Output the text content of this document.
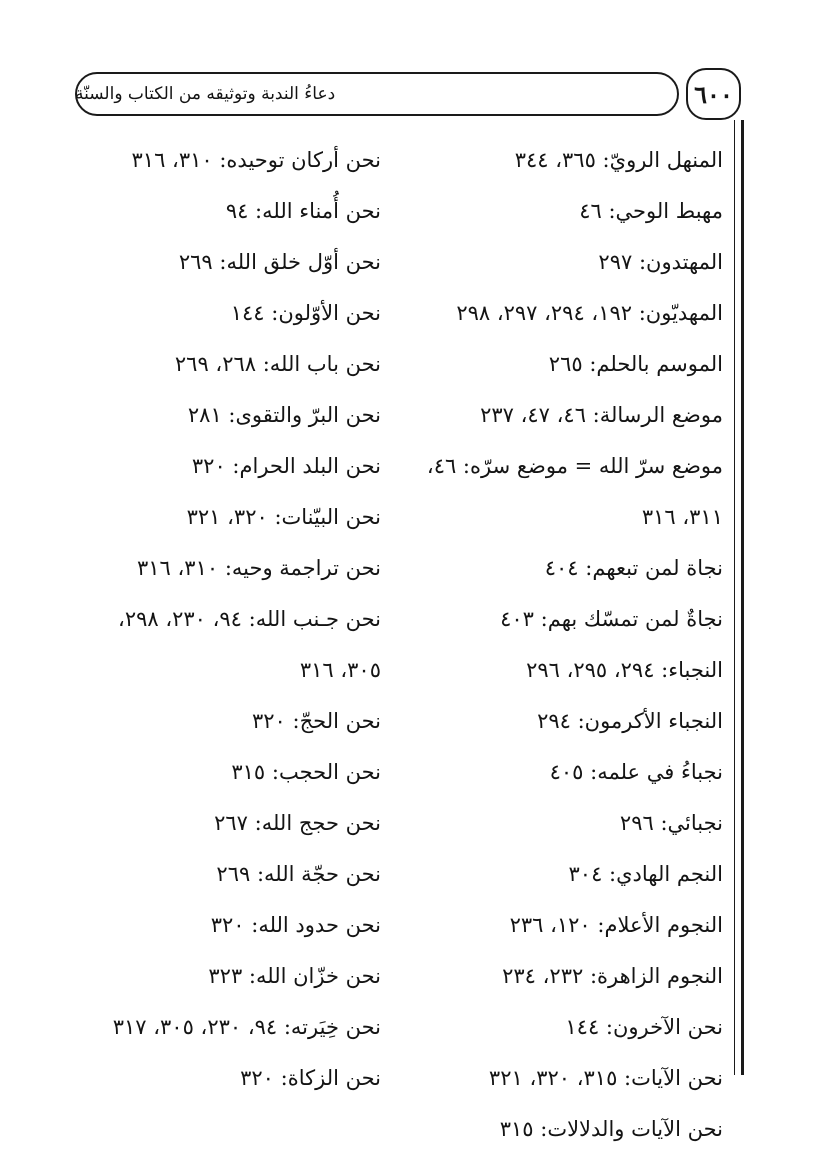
دعاءُ الندبة وتوثيقه من الكتاب والسنّة	٦٠٠
المنهل الرويّ: ٣٦٥، ٣٤٤
مهبط الوحي: ٤٦
المهتدون: ٢٩٧
المهديّون: ١٩٢، ٢٩٤، ٢٩٧، ٢٩٨
الموسم بالحلم: ٢٦٥
موضع الرسالة: ٤٦، ٤٧، ٢٣٧
موضع سرّ الله = موضع سرّه: ٤٦،
٣١١، ٣١٦
نجاة لمن تبعهم: ٤٠٤
نجاةٌ لمن تمسّك بهم: ٤٠٣
النجباء: ٢٩٤، ٢٩٥، ٢٩٦
النجباء الأكرمون: ٢٩٤
نجباءُ في علمه: ٤٠٥
نجبائي: ٢٩٦
النجم الهادي: ٣٠٤
النجوم الأعلام: ١٢٠، ٢٣٦
النجوم الزاهرة: ٢٣٢، ٢٣٤
نحن الآخرون: ١٤٤
نحن الآيات: ٣١٥، ٣٢٠، ٣٢١
نحن الآيات والدلالات: ٣١٥
نحن أركان توحيده: ٣١٠، ٣١٦
نحن أُمناء الله: ٩٤
نحن أوّل خلق الله: ٢٦٩
نحن الأوّلون: ١٤٤
نحن باب الله: ٢٦٨، ٢٦٩
نحن البرّ والتقوى: ٢٨١
نحن البلد الحرام: ٣٢٠
نحن البيّنات: ٣٢٠، ٣٢١
نحن تراجمة وحيه: ٣١٠، ٣١٦
نحن جـنب الله: ٩٤، ٢٣٠، ٢٩٨،
٣٠٥، ٣١٦
نحن الحجّ: ٣٢٠
نحن الحجب: ٣١٥
نحن حجج الله: ٢٦٧
نحن حجّة الله: ٢٦٩
نحن حدود الله: ٣٢٠
نحن خزّان الله: ٣٢٣
نحن خِيَرته: ٩٤، ٢٣٠، ٣٠٥، ٣١٧
نحن الزكاة: ٣٢٠
